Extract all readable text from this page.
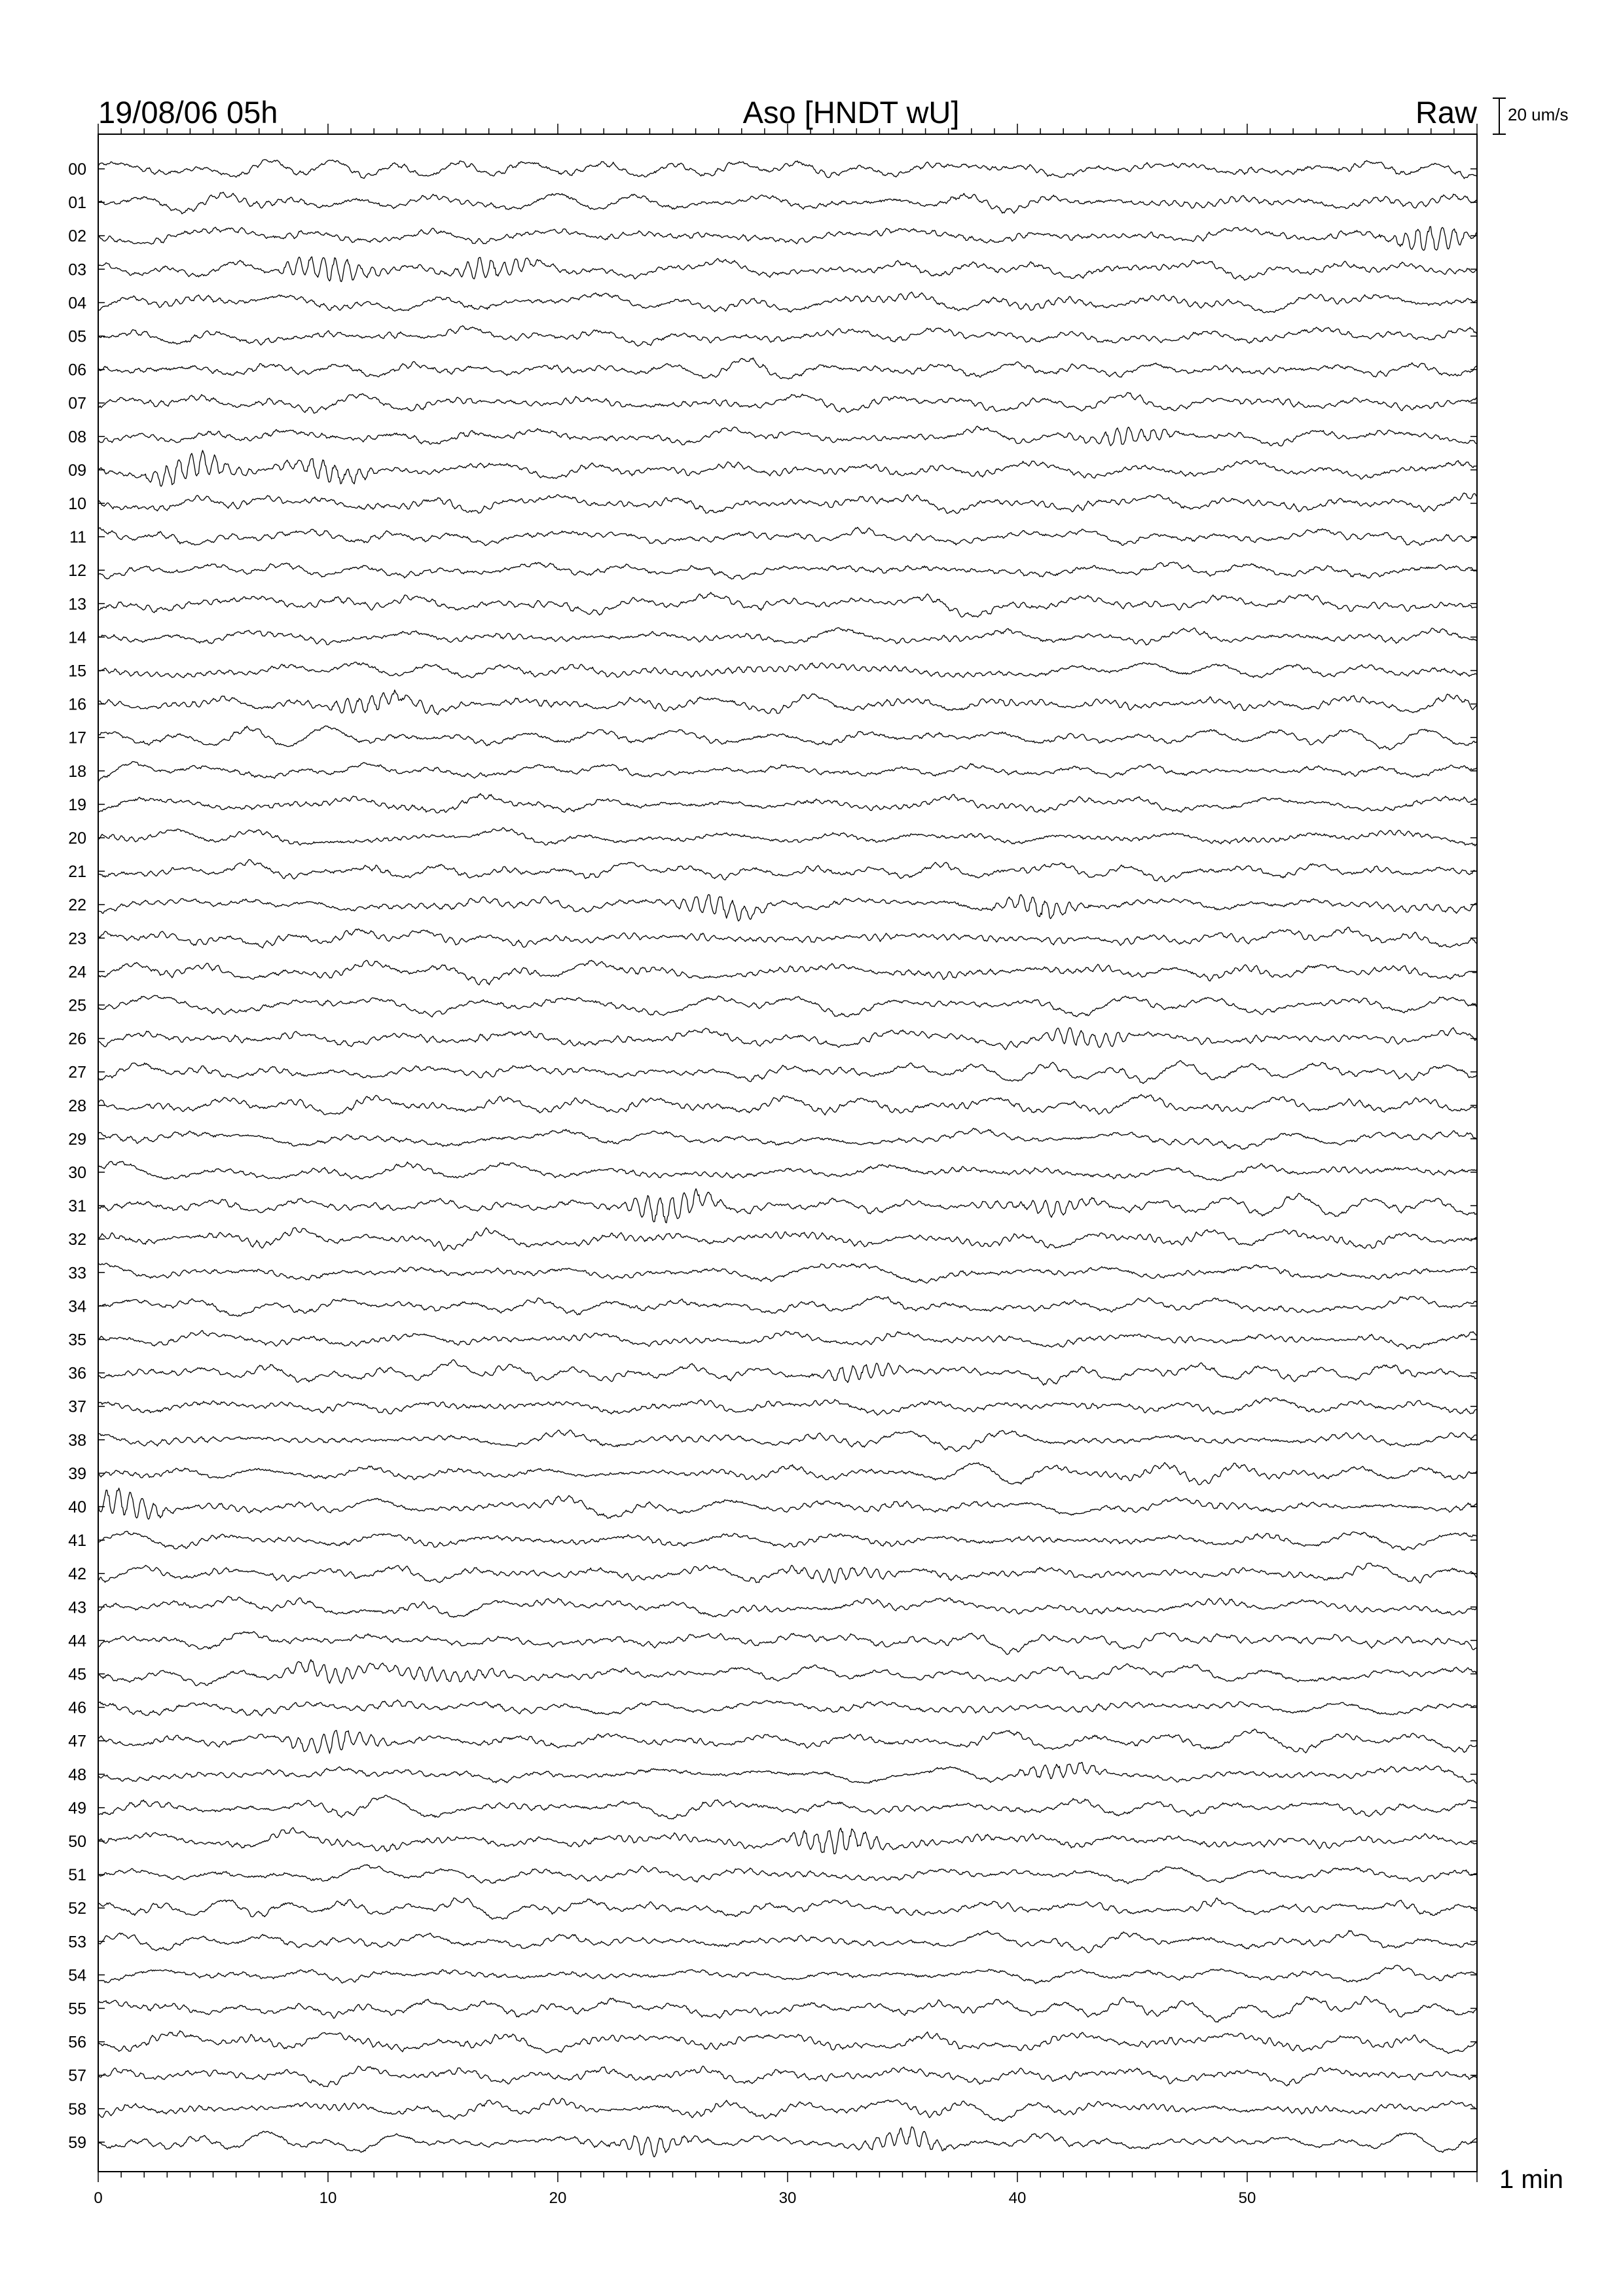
19/08/06 05h	Aso [HNDT wU]	Raw 20 um/s
1 min
0	10	20	30	40	50
00
01
02
03
04
05
06
07
08
09
10
11
12
13
14
15
16
17
18
19
20
21
22
23
24
25
26
27
28
29
30
31
32
33
34
35
36
37
38
39
40
41
42
43
44
45
46
47
48
49
50
51
52
53
54
55
56
57
58
59
